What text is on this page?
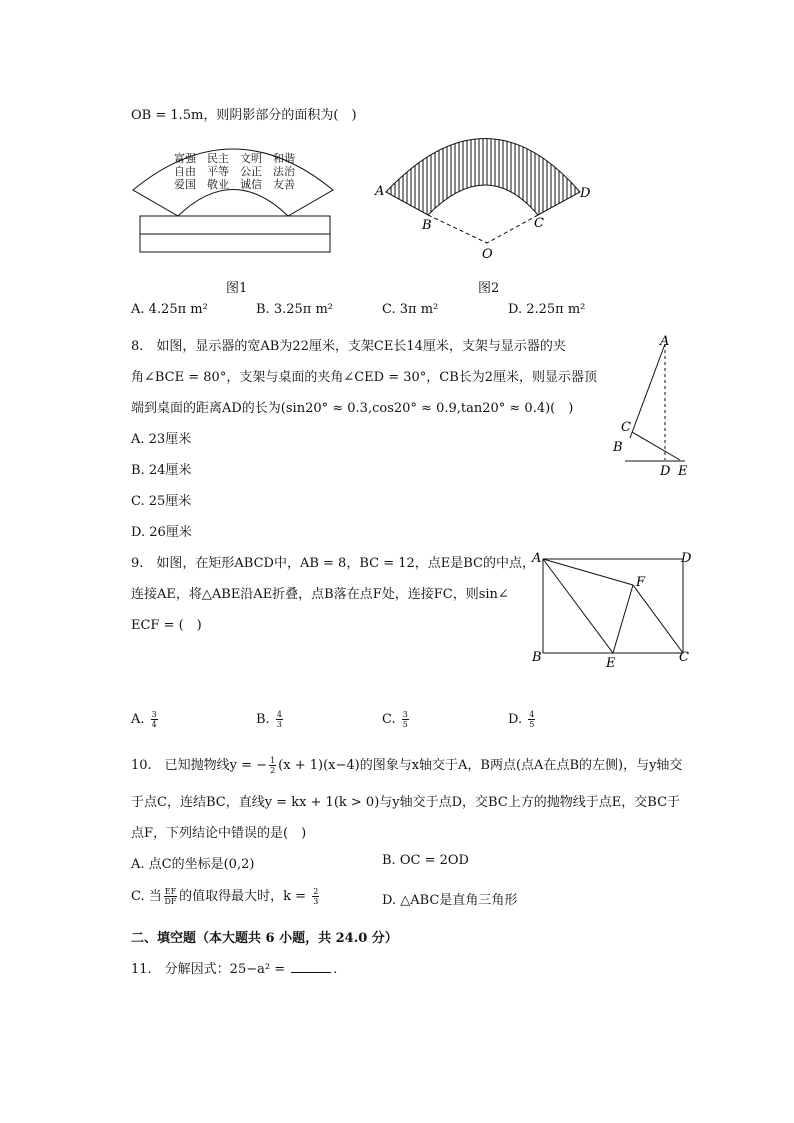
OB = 1.5m，则阴影部分的面积为(　)
富强　民主　文明　和谐
自由　平等　公正　法治
爱国　敬业　诚信　友善
图1
A
B	C
D
O
图2
A. 4.25π m²	B. 3.25π m²	C. 3π m²	D. 2.25π m²
8.　如图，显示器的宽AB为22厘米，支架CE长14厘米，支架与显示器的夹
角∠BCE = 80°，支架与桌面的夹角∠CED = 30°，CB长为2厘米，则显示器顶
端到桌面的距离AD的长为(sin20° ≈ 0.3,cos20° ≈ 0.9,tan20° ≈ 0.4)(　)
A. 23厘米
B. 24厘米
C. 25厘米
D. 26厘米
A
C
B
D E
9.　如图，在矩形ABCD中，AB = 8，BC = 12，点E是BC的中点，
连接AE，将△ABE沿AE折叠，点B落在点F处，连接FC，则sin∠
ECF = (　)
A	D
F
B	E	C
A. $\frac{3}{4}$	B. $\frac{4}{3}$	C. $\frac{3}{5}$	D. $\frac{4}{5}$
10.　已知抛物线y = − $\frac{1}{2} (x + 1)(x-4)$的图象与x轴交于A，B两点(点A在点B的左侧)，与y轴交
于点C，连结BC，直线y = kx + 1(k > 0)与y轴交于点D，交BC上方的抛物线于点E，交BC于
点F，下列结论中错误的是(　)
A. 点C的坐标是(0,2)	B. OC = 2OD
C. 当 $\frac{EF}{DF}$ 的值取得最大时，$k = \frac{2}{3}$	D. △ABC是直角三角形
二、填空题（本大题共 6 小题，共 24.0 分）
11.　分解因式：25−a² =	.
